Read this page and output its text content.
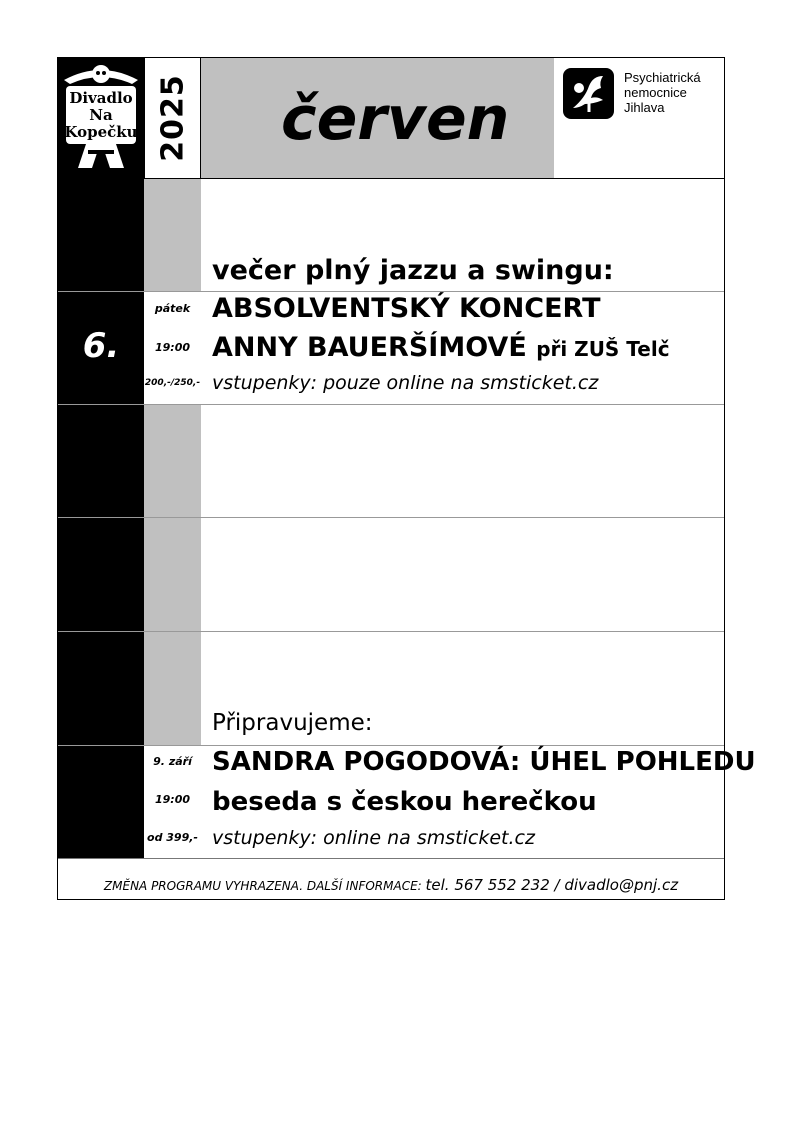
Divadlo
Na
Kopečku 2025 červen
Psychiatrická
nemocnice
Jihlava
večer plný jazzu a swingu:
6.
pátek
19:00
200,-/250,-
ABSOLVENTSKÝ KONCERT
ANNY BAUERŠÍMOVÉ při ZUŠ Telč
vstupenky: pouze online na smsticket.cz
Připravujeme:
9. září
19:00
od 399,-
SANDRA POGODOVÁ: ÚHEL POHLEDU
beseda s českou herečkou
vstupenky: online na smsticket.cz
ZMĚNA PROGRAMU VYHRAZENA. DALŠÍ INFORMACE: tel. 567 552 232 / divadlo@pnj.cz
